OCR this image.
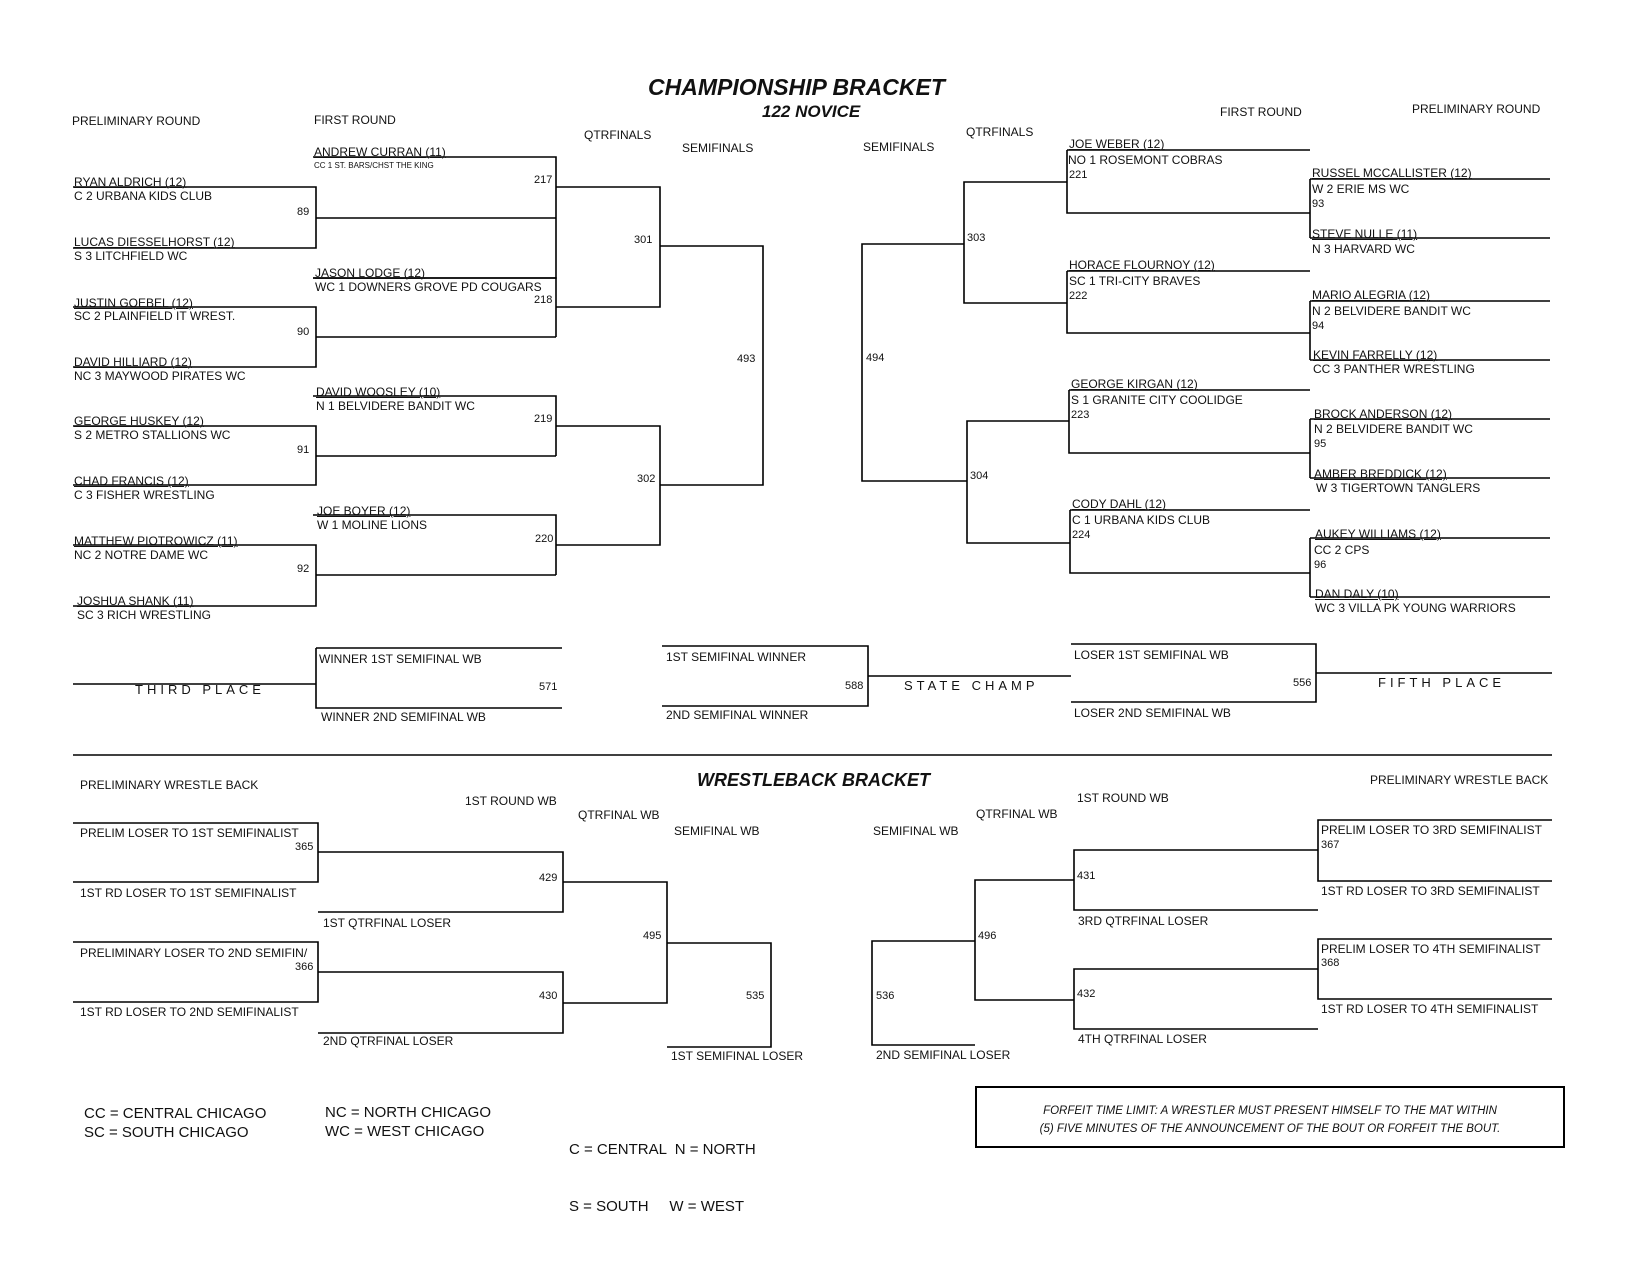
CHAMPIONSHIP BRACKET
122 NOVICE
PRELIMINARY ROUND	FIRST ROUND
QTRFINALS
SEMIFINALS	SEMIFINALS
QTRFINALS
FIRST ROUND	PRELIMINARY ROUND
RYAN ALDRICH (12)
C 2 URBANA KIDS CLUB
LUCAS DIESSELHORST (12)
S 3 LITCHFIELD WC
JUSTIN GOEBEL (12)
SC 2 PLAINFIELD IT WREST.
DAVID HILLIARD (12)
NC 3 MAYWOOD PIRATES WC
GEORGE HUSKEY (12)
S 2 METRO STALLIONS WC
CHAD FRANCIS (12)
C 3 FISHER WRESTLING
MATTHEW PIOTROWICZ (11)
NC 2 NOTRE DAME WC
JOSHUA SHANK (11)
SC 3 RICH WRESTLING
89
90
91
92
ANDREW CURRAN (11)
CC 1 ST. BARS/CHST THE KING
217
JASON LODGE (12)
WC 1 DOWNERS GROVE PD COUGARS
218
DAVID WOOSLEY (10)
N 1 BELVIDERE BANDIT WC
219
JOE BOYER (12)
W 1 MOLINE LIONS
220
301
302
493	494
303
304
JOE WEBER (12)
NO 1 ROSEMONT COBRAS
221
HORACE FLOURNOY (12)
SC 1 TRI-CITY BRAVES
222
GEORGE KIRGAN (12)
S 1 GRANITE CITY COOLIDGE
223
CODY DAHL (12)
C 1 URBANA KIDS CLUB
224
RUSSEL MCCALLISTER (12)
W 2 ERIE MS WC
93
STEVE NULLE (11)
N 3 HARVARD WC
MARIO ALEGRIA (12)
N 2 BELVIDERE BANDIT WC
94
KEVIN FARRELLY (12)
CC 3 PANTHER WRESTLING
BROCK ANDERSON (12)
N 2 BELVIDERE BANDIT WC
95
AMBER BREDDICK (12)
W 3 TIGERTOWN TANGLERS
AUKEY WILLIAMS (12)
CC 2 CPS
96
DAN DALY (10)
WC 3 VILLA PK YOUNG WARRIORS
WINNER 1ST SEMIFINAL WB
WINNER 2ND SEMIFINAL WB
571
THIRD PLACE
1ST SEMIFINAL WINNER
2ND SEMIFINAL WINNER
588	STATE CHAMP
LOSER 1ST SEMIFINAL WB
LOSER 2ND SEMIFINAL WB
556	FIFTH PLACE
WRESTLEBACK BRACKET
PRELIMINARY WRESTLE BACK
1ST ROUND WB
QTRFINAL WB
SEMIFINAL WB	SEMIFINAL WB
QTRFINAL WB
1ST ROUND WB
PRELIMINARY WRESTLE BACK
PRELIM LOSER TO 1ST SEMIFINALIST
1ST RD LOSER TO 1ST SEMIFINALIST
PRELIMINARY LOSER TO 2ND SEMIFIN/
1ST RD LOSER TO 2ND SEMIFINALIST
365
366
429
430
1ST QTRFINAL LOSER
2ND QTRFINAL LOSER
495
535
1ST SEMIFINAL LOSER
536
2ND SEMIFINAL LOSER
496
431
432
3RD QTRFINAL LOSER
4TH QTRFINAL LOSER
PRELIM LOSER TO 3RD SEMIFINALIST
367
1ST RD LOSER TO 3RD SEMIFINALIST
PRELIM LOSER TO 4TH SEMIFINALIST
368
1ST RD LOSER TO 4TH SEMIFINALIST
CC = CENTRAL CHICAGO
SC = SOUTH CHICAGO
NC = NORTH CHICAGO
WC = WEST CHICAGO

C = CENTRAL  N = NORTH

S = SOUTH     W = WEST

FORFEIT TIME LIMIT: A WRESTLER MUST PRESENT HIMSELF TO THE MAT WITHIN
(5) FIVE MINUTES OF THE ANNOUNCEMENT OF THE BOUT OR FORFEIT THE BOUT.
